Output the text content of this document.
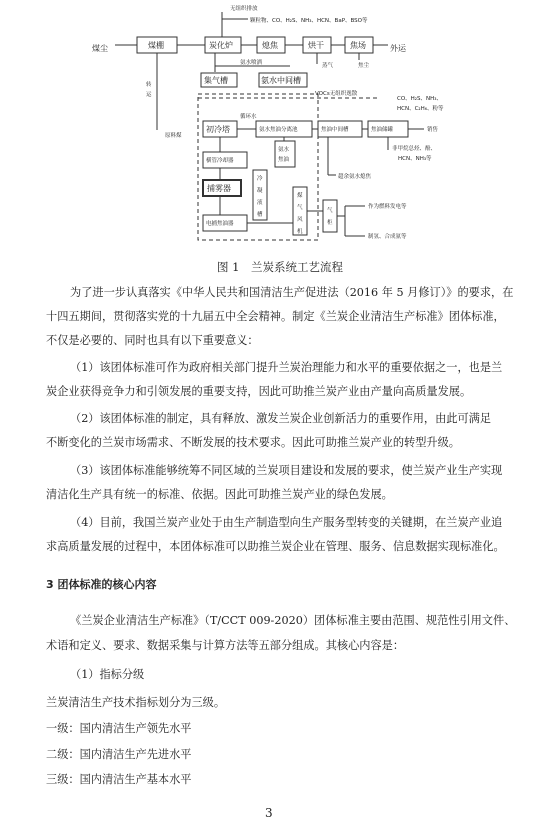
煤尘	煤棚	炭化炉	熄焦	烘干	焦场	外运
无组织排放
颗粒物、CO、H₂S、NH₃、HCN、BaP、BSO等
蒸气	焦尘
转
运
原料煤
氨水喷洒
集气槽	氨水中间槽
VOCs无组织逸散
CO、H₂S、NH₃、
HCN、C₂H₆、粉等
初冷塔
循环水
氨水焦油分离池	焦油中间槽	焦油储罐	销售
非甲烷总烃、酚、
HCN、NH₃等
氨水
焦油
横管冷却器
冷
凝
液
槽
捕雾器
超余氨水熄焦
煤
气
风
机
气
柜
作为燃料发电等
制氢、合成氨等
电捕焦油器
图 1　兰炭系统工艺流程
为了进一步认真落实《中华人民共和国清洁生产促进法（2016 年 5 月修订）》的要求，在
十四五期间，贯彻落实党的十九届五中全会精神。制定《兰炭企业清洁生产标准》团体标准，
不仅是必要的、同时也具有以下重要意义：
（1）该团体标准可作为政府相关部门提升兰炭治理能力和水平的重要依据之一，也是兰
炭企业获得竞争力和引领发展的重要支持，因此可助推兰炭产业由产量向高质量发展。
（2）该团体标准的制定，具有释放、激发兰炭企业创新活力的重要作用，由此可满足
不断变化的兰炭市场需求、不断发展的技术要求。因此可助推兰炭产业的转型升级。
（3）该团体标准能够统筹不同区域的兰炭项目建设和发展的要求，使兰炭产业生产实现
清洁化生产具有统一的标准、依据。因此可助推兰炭产业的绿色发展。
（4）目前，我国兰炭产业处于由生产制造型向生产服务型转变的关键期，在兰炭产业追
求高质量发展的过程中，本团体标准可以助推兰炭企业在管理、服务、信息数据实现标准化。
3 团体标准的核心内容
《兰炭企业清洁生产标准》（T/CCT 009-2020）团体标准主要由范围、规范性引用文件、
术语和定义、要求、数据采集与计算方法等五部分组成。其核心内容是：
（1）指标分级
兰炭清洁生产技术指标划分为三级。
一级：国内清洁生产领先水平
二级：国内清洁生产先进水平
三级：国内清洁生产基本水平
3
